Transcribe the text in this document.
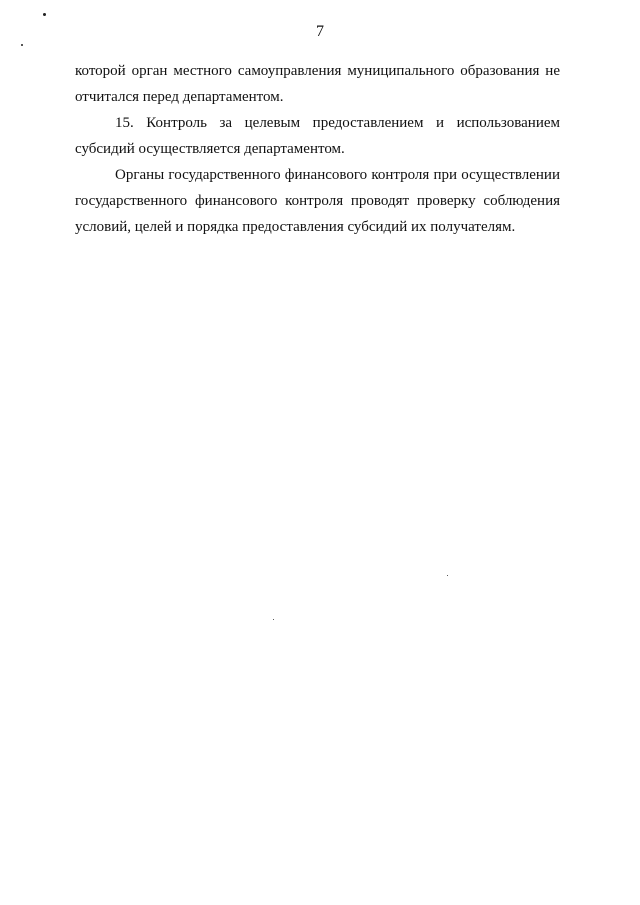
7
которой орган местного самоуправления муниципального образования не
отчитался перед департаментом.
15. Контроль за целевым предоставлением и использованием
субсидий осуществляется департаментом.
Органы государственного финансового контроля при осуществлении
государственного финансового контроля проводят проверку соблюдения
условий, целей и порядка предоставления субсидий их получателям.
